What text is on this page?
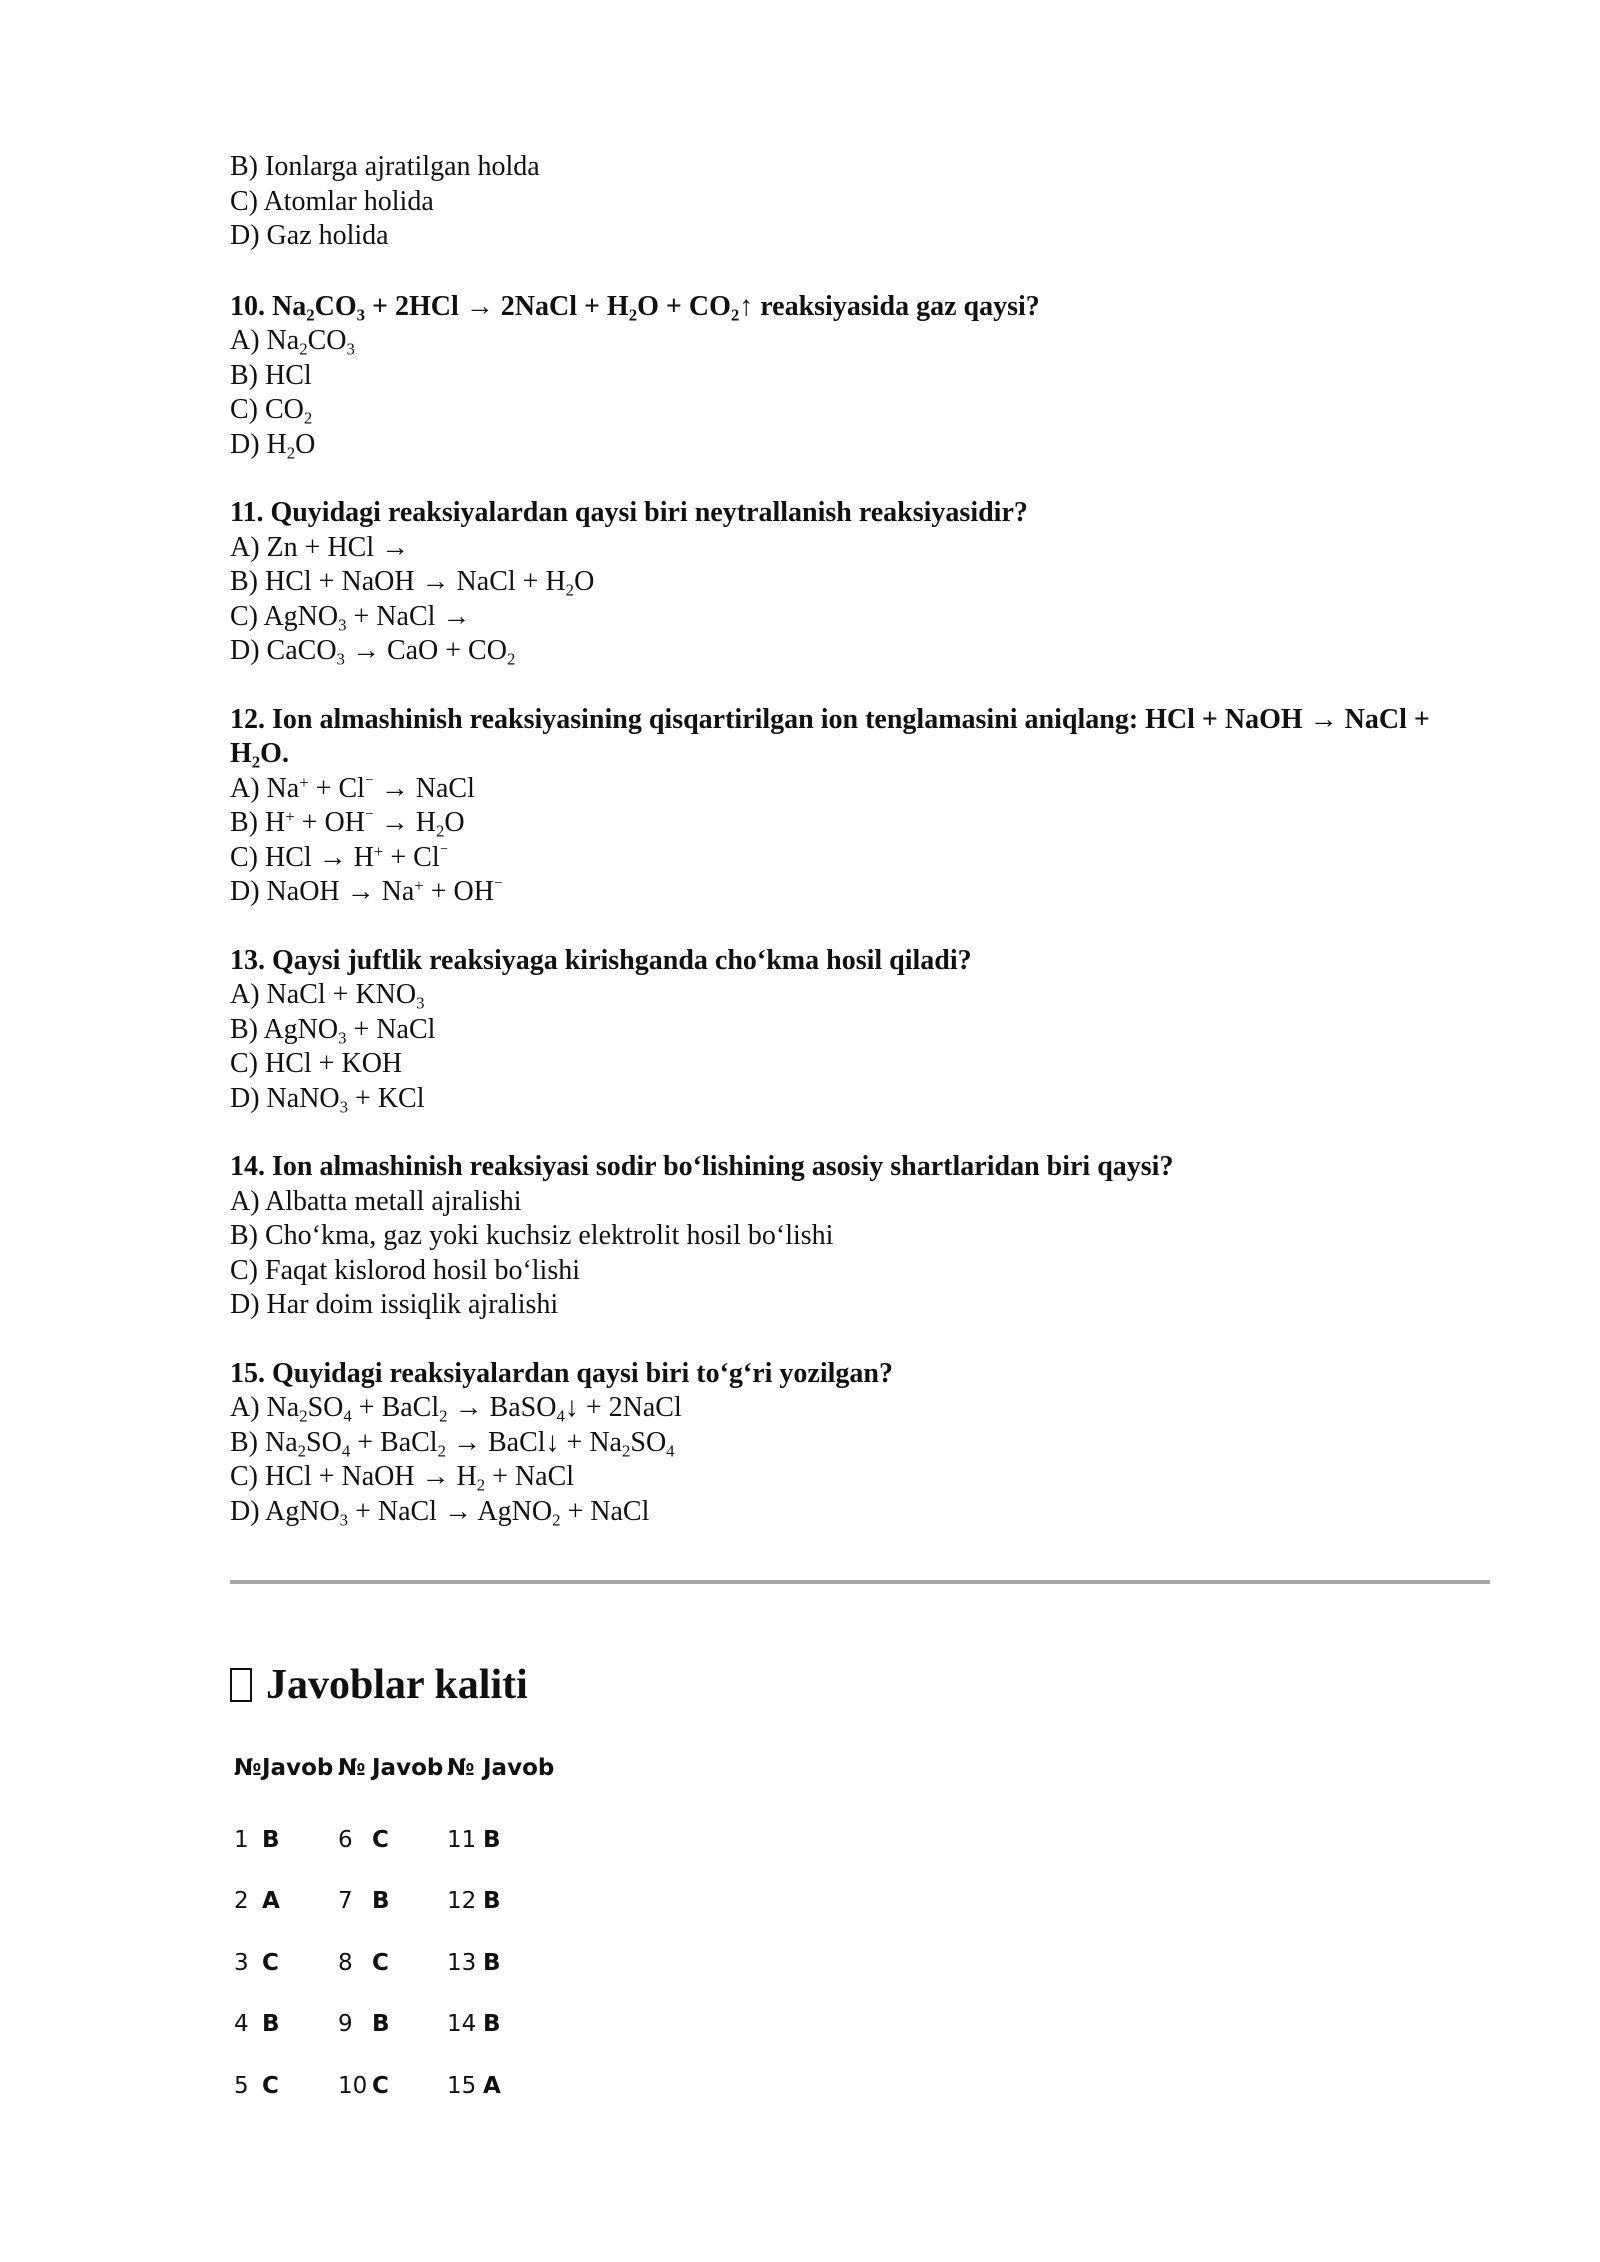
B) Ionlarga ajratilgan holda

C) Atomlar holida

D) Gaz holida

10. $Na_2CO_3 + 2HCl$ → 2NaCl + $H_2O$ + $CO_2↑$ reaksiyasida gaz qaysi?

A) $Na_2CO_3$

B) HCl

C) $CO_2$

D) $H_2O$

11. Quyidagi reaksiyalardan qaysi biri neytrallanish reaksiyasidir?

A) Zn + HCl →

B) HCl + NaOH → NaCl + $H_2O$

C) AgNO$_3$ + NaCl →

D) CaCO$_3$ → CaO + $CO_2$

12. Ion almashinish reaksiyasining qisqartirilgan ion tenglamasini aniqlang: HCl + NaOH → NaCl + $H_2O$.

A) Na+ + Cl⁻ → NaCl

B) $H^+ + OH^{^-} \to H_2O$

C) HCl → H+ + Cl⁻

D) NaOH → Na+ + OH⁻

13. Qaysi juftlik reaksiyaga kirishganda cho‘kma hosil qiladi?

A) NaCl + $KNO_3$

B) AgNO$_3$ + NaCl

C) HCl + KOH

D) NaNO$_3$ + KCl

14. Ion almashinish reaksiyasi sodir bo‘lishining asosiy shartlaridan biri qaysi?

A) Albatta metall ajralishi

B) Cho‘kma, gaz yoki kuchsiz elektrolit hosil bo‘lishi

C) Faqat kislorod hosil bo‘lishi

D) Har doim issiqlik ajralishi

15. Quyidagi reaksiyalardan qaysi biri to‘g‘ri yozilgan?

A) $Na_2SO_4$ + BaCl$_2$ → BaSO$_4$↓ + 2NaCl

B) $Na_2SO_4$ + BaCl$_2$ → BaCl↓ + $Na_2SO_4$

C) HCl + NaOH → $H_2$ + NaCl

D) AgNO$_3$ + NaCl → AgNO$_2$ + NaCl

Javoblar kaliti
№	Javob	№	Javob	№	Javob
1	B	6	C	11	B
2	A	7	B	12	B
3	C	8	C	13	B
4	B	9	B	14	B
5	C	10	C	15	A
